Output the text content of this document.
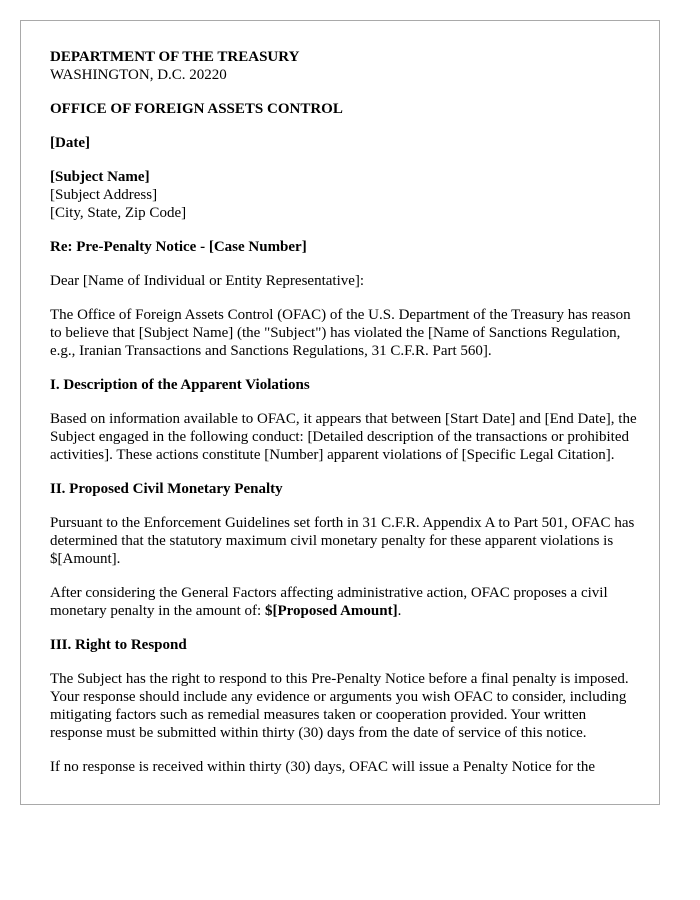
DEPARTMENT OF THE TREASURY
WASHINGTON, D.C. 20220

OFFICE OF FOREIGN ASSETS CONTROL

[Date]

[Subject Name]
[Subject Address]
[City, State, Zip Code]

Re: Pre-Penalty Notice - [Case Number]

Dear [Name of Individual or Entity Representative]:

The Office of Foreign Assets Control (OFAC) of the U.S. Department of the Treasury has reason to believe that [Subject Name] (the "Subject") has violated the [Name of Sanctions Regulation, e.g., Iranian Transactions and Sanctions Regulations, 31 C.F.R. Part 560].

I. Description of the Apparent Violations

Based on information available to OFAC, it appears that between [Start Date] and [End Date], the Subject engaged in the following conduct: [Detailed description of the transactions or prohibited activities]. These actions constitute [Number] apparent violations of [Specific Legal Citation].

II. Proposed Civil Monetary Penalty

Pursuant to the Enforcement Guidelines set forth in 31 C.F.R. Appendix A to Part 501, OFAC has determined that the statutory maximum civil monetary penalty for these apparent violations is $[Amount].

After considering the General Factors affecting administrative action, OFAC proposes a civil monetary penalty in the amount of: $[Proposed Amount].

III. Right to Respond

The Subject has the right to respond to this Pre-Penalty Notice before a final penalty is imposed. Your response should include any evidence or arguments you wish OFAC to consider, including mitigating factors such as remedial measures taken or cooperation provided. Your written response must be submitted within thirty (30) days from the date of service of this notice.

If no response is received within thirty (30) days, OFAC will issue a Penalty Notice for the
